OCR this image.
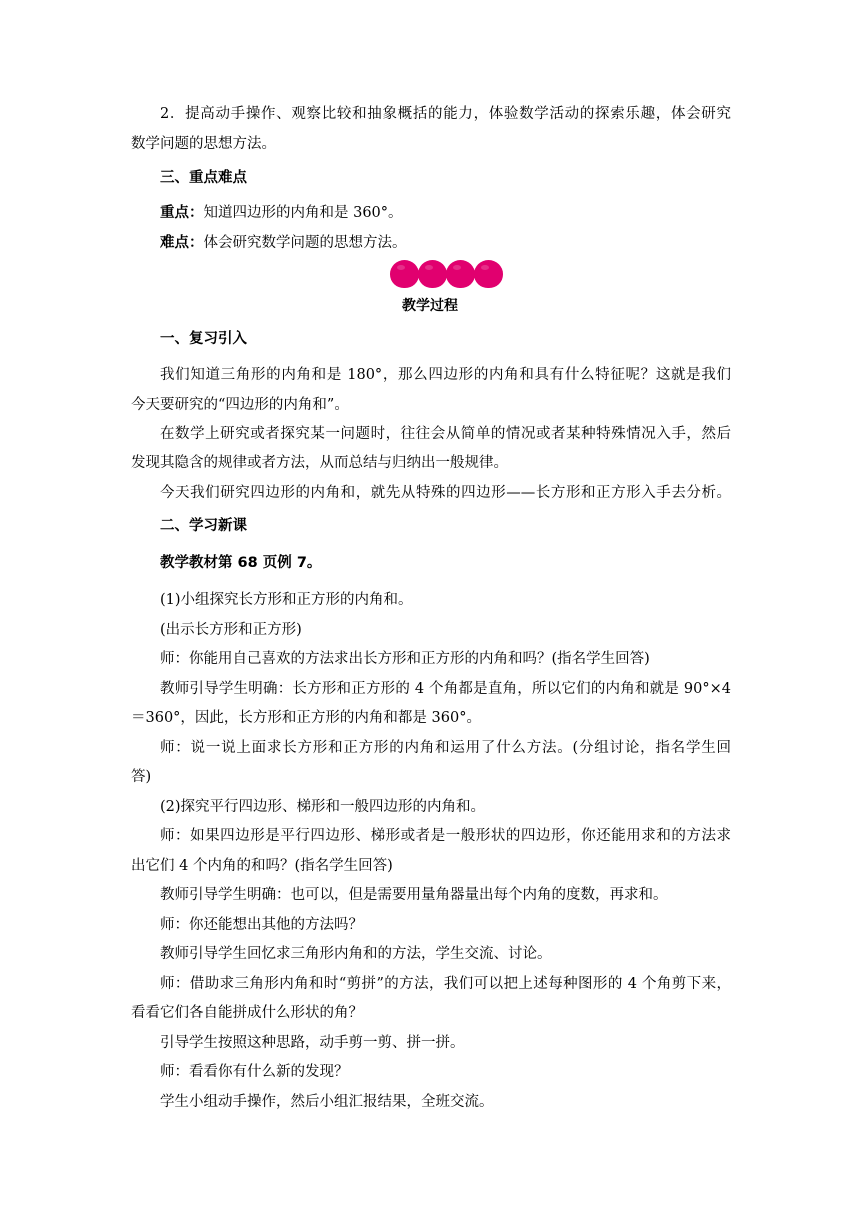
2．提高动手操作、观察比较和抽象概括的能力，体验数学活动的探索乐趣，体会研究
数学问题的思想方法。
三、重点难点
重点：知道四边形的内角和是 360°。
难点：体会研究数学问题的思想方法。
教学过程
一、复习引入
我们知道三角形的内角和是 180°，那么四边形的内角和具有什么特征呢？这就是我们
今天要研究的“四边形的内角和”。
在数学上研究或者探究某一问题时，往往会从简单的情况或者某种特殊情况入手，然后
发现其隐含的规律或者方法，从而总结与归纳出一般规律。
今天我们研究四边形的内角和，就先从特殊的四边形——长方形和正方形入手去分析。
二、学习新课
教学教材第 68 页例 7。
(1)小组探究长方形和正方形的内角和。
(出示长方形和正方形)
师：你能用自己喜欢的方法求出长方形和正方形的内角和吗？(指名学生回答)
教师引导学生明确：长方形和正方形的 4 个角都是直角，所以它们的内角和就是 90°×4
＝360°，因此，长方形和正方形的内角和都是 360°。
师：说一说上面求长方形和正方形的内角和运用了什么方法。(分组讨论，指名学生回
答)
(2)探究平行四边形、梯形和一般四边形的内角和。
师：如果四边形是平行四边形、梯形或者是一般形状的四边形，你还能用求和的方法求
出它们 4 个内角的和吗？(指名学生回答)
教师引导学生明确：也可以，但是需要用量角器量出每个内角的度数，再求和。
师：你还能想出其他的方法吗？
教师引导学生回忆求三角形内角和的方法，学生交流、讨论。
师：借助求三角形内角和时“剪拼”的方法，我们可以把上述每种图形的 4 个角剪下来，
看看它们各自能拼成什么形状的角？
引导学生按照这种思路，动手剪一剪、拼一拼。
师：看看你有什么新的发现？
学生小组动手操作，然后小组汇报结果，全班交流。
